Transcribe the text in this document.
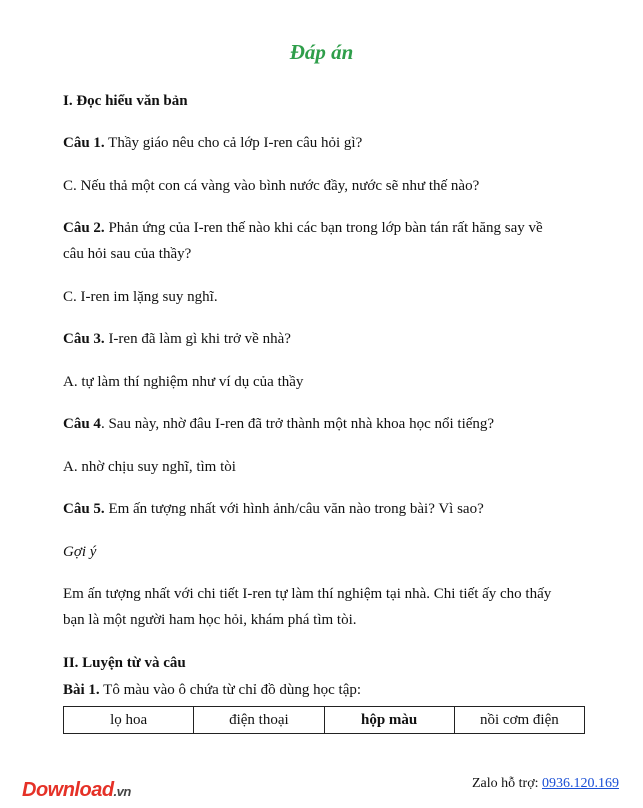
Đáp án
I. Đọc hiểu văn bản
Câu 1. Thầy giáo nêu cho cả lớp I-ren câu hỏi gì?
C. Nếu thả một con cá vàng vào bình nước đầy, nước sẽ như thế nào?
Câu 2. Phản ứng của I-ren thế nào khi các bạn trong lớp bàn tán rất hăng say về
câu hỏi sau của thầy?
C. I-ren im lặng suy nghĩ.
Câu 3. I-ren đã làm gì khi trở về nhà?
A. tự làm thí nghiệm như ví dụ của thầy
Câu 4. Sau này, nhờ đâu I-ren đã trở thành một nhà khoa học nổi tiếng?
A. nhờ chịu suy nghĩ, tìm tòi
Câu 5. Em ấn tượng nhất với hình ảnh/câu văn nào trong bài? Vì sao?
Gợi ý
Em ấn tượng nhất với chi tiết I-ren tự làm thí nghiệm tại nhà. Chi tiết ấy cho thấy
bạn là một người ham học hỏi, khám phá tìm tòi.
II. Luyện từ và câu
Bài 1. Tô màu vào ô chứa từ chỉ đồ dùng học tập:
lọ hoa	điện thoại	hộp màu	nồi cơm điện
Download.vn
Zalo hỗ trợ: 0936.120.169
